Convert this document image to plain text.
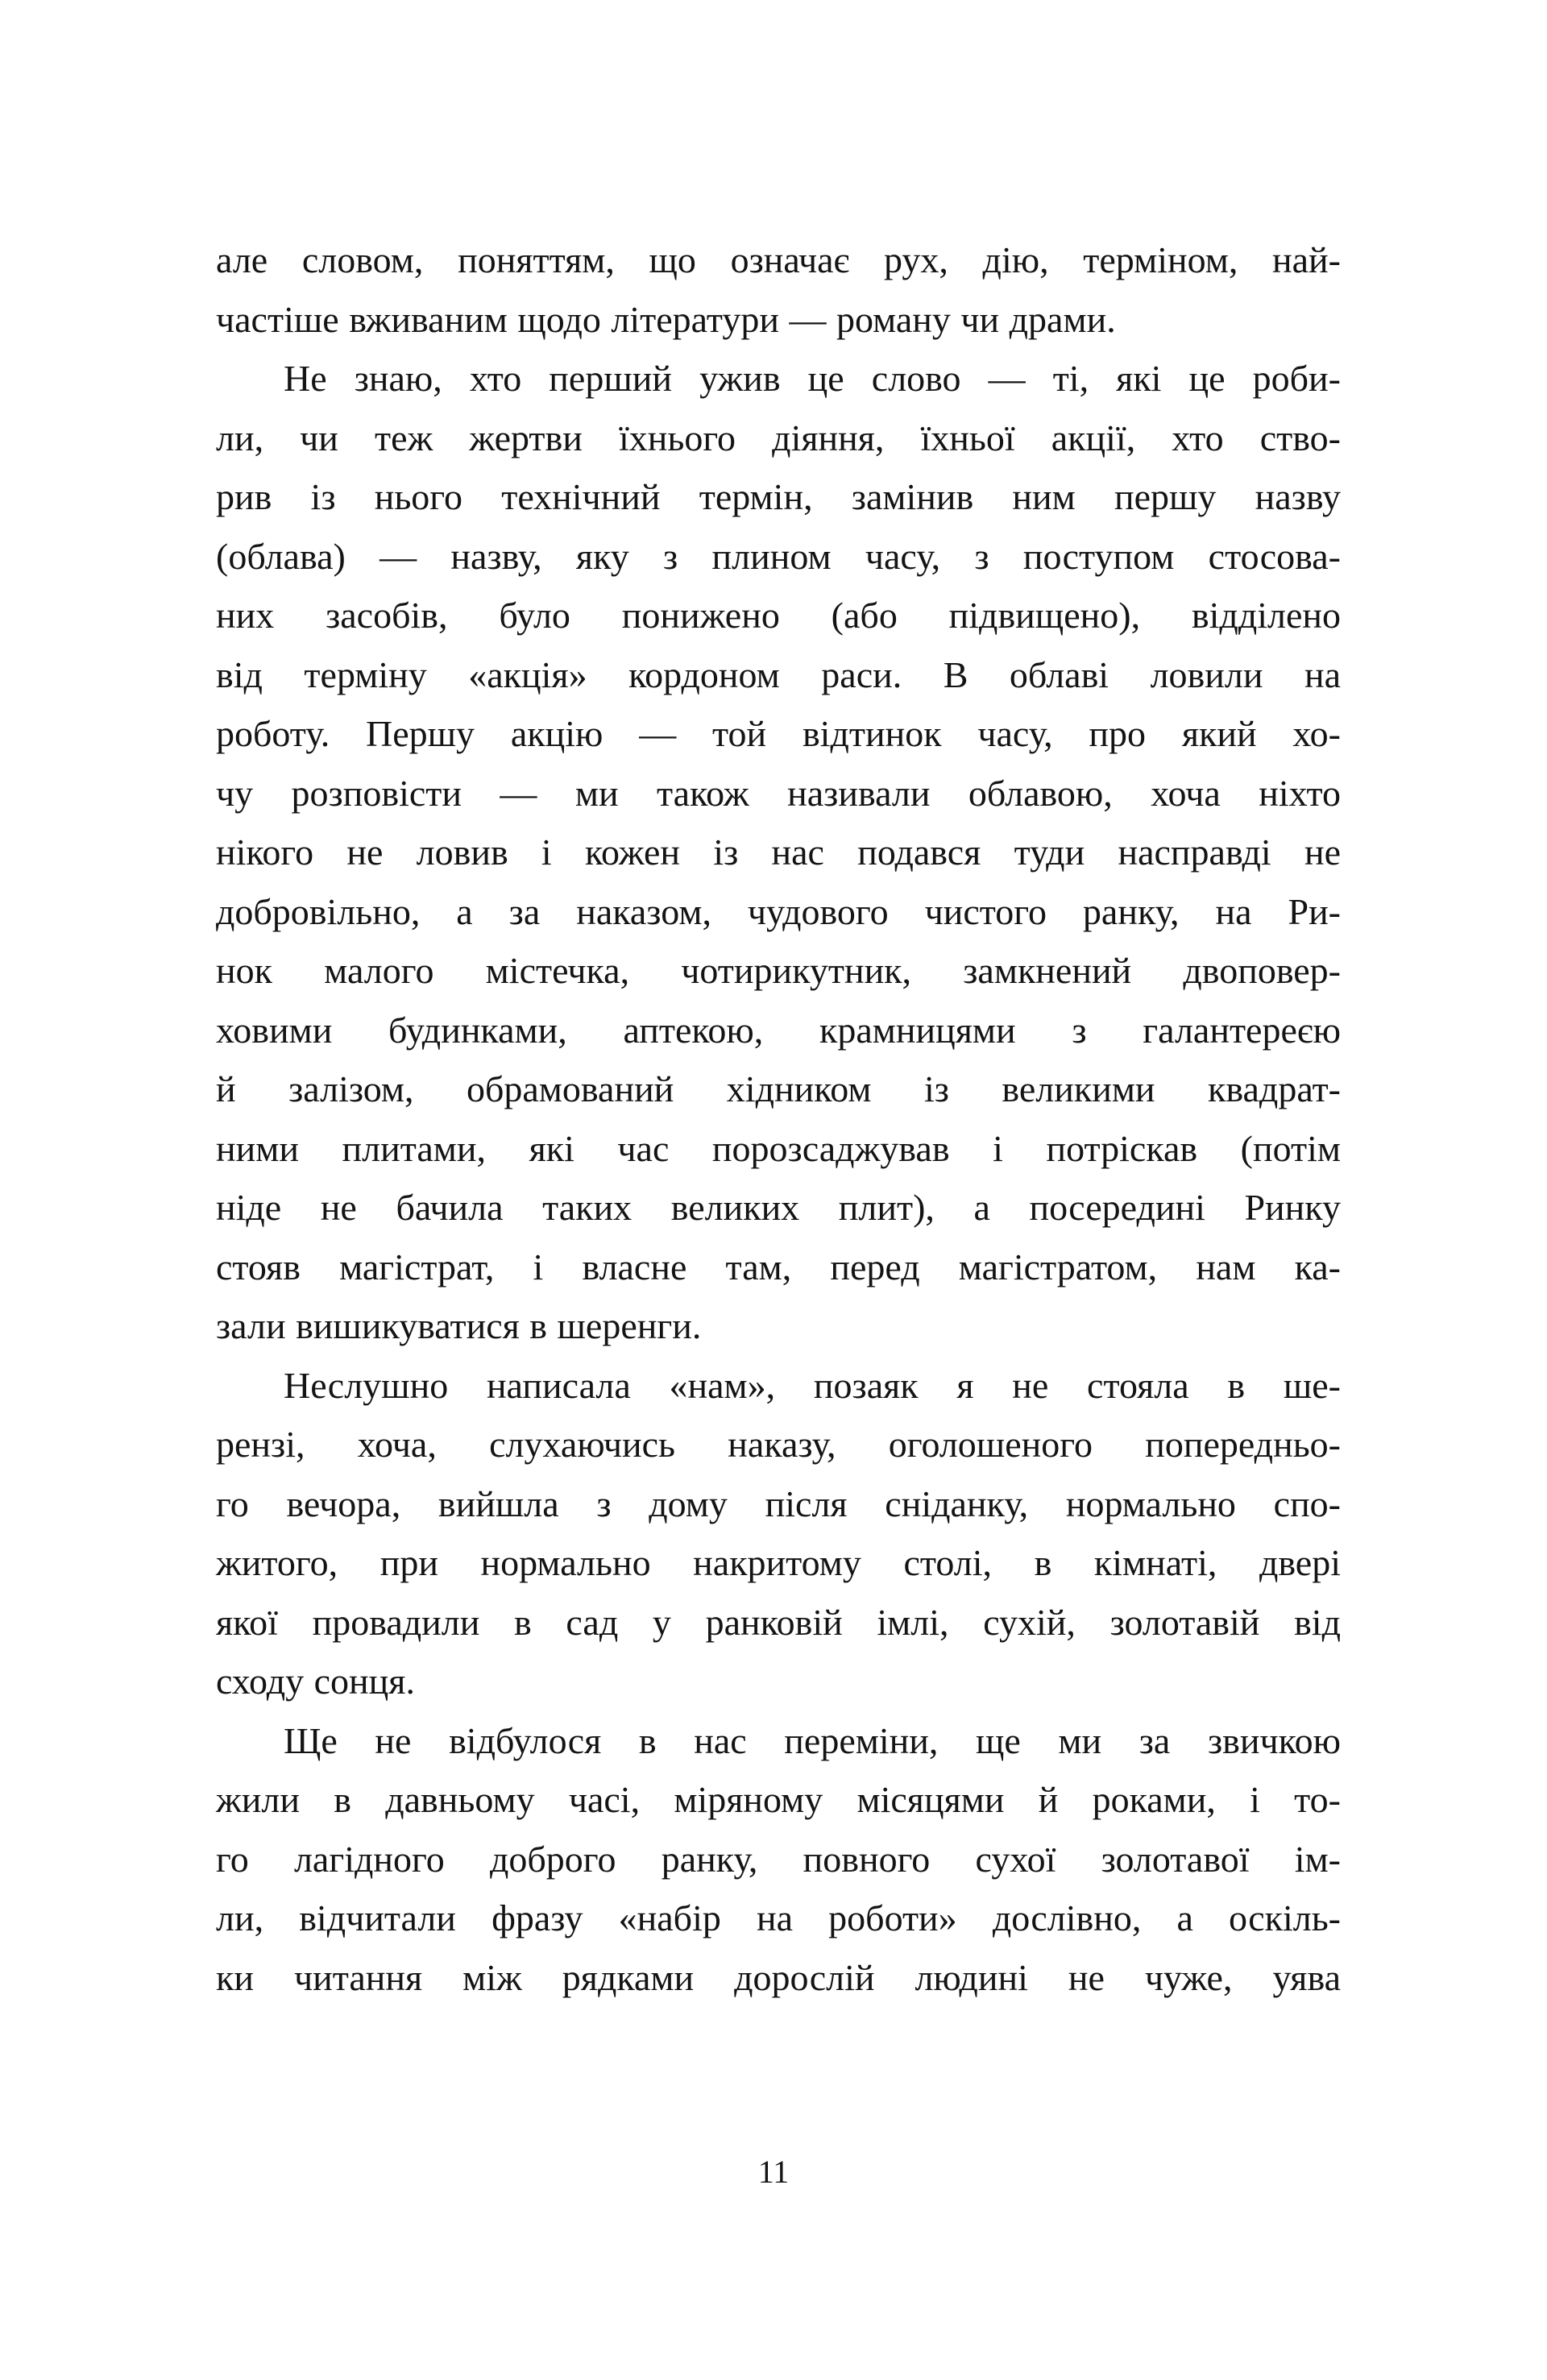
але словом, поняттям, що означає рух, дію, терміном, най-
частіше вживаним щодо літератури — роману чи драми.
Не знаю, хто перший ужив це слово — ті, які це роби-
ли, чи теж жертви їхнього діяння, їхньої акції, хто ство-
рив із нього технічний термін, замінив ним першу назву
(облава) — назву, яку з плином часу, з поступом стосова-
них засобів, було понижено (або підвищено), відділено
від терміну «акція» кордоном раси. В облаві ловили на
роботу. Першу акцію — той відтинок часу, про який хо-
чу розповісти — ми також називали облавою, хоча ніхто
нікого не ловив і кожен із нас подався туди насправді не
добровільно, а за наказом, чудового чистого ранку, на Ри-
нок малого містечка, чотирикутник, замкнений двоповер-
ховими будинками, аптекою, крамницями з галантереєю
й залізом, обрамований хідником із великими квадрат-
ними плитами, які час порозсаджував і потріскав (потім
ніде не бачила таких великих плит), а посередині Ринку
стояв магістрат, і власне там, перед магістратом, нам ка-
зали вишикуватися в шеренги.
Неслушно написала «нам», позаяк я не стояла в ше-
рензі, хоча, слухаючись наказу, оголошеного попередньо-
го вечора, вийшла з дому після сніданку, нормально спо-
житого, при нормально накритому столі, в кімнаті, двері
якої провадили в сад у ранковій імлі, сухій, золотавій від
сходу сонця.
Ще не відбулося в нас переміни, ще ми за звичкою
жили в давньому часі, міряному місяцями й роками, і то-
го лагідного доброго ранку, повного сухої золотавої ім-
ли, відчитали фразу «набір на роботи» дослівно, а оскіль-
ки читання між рядками дорослій людині не чуже, уява
11
